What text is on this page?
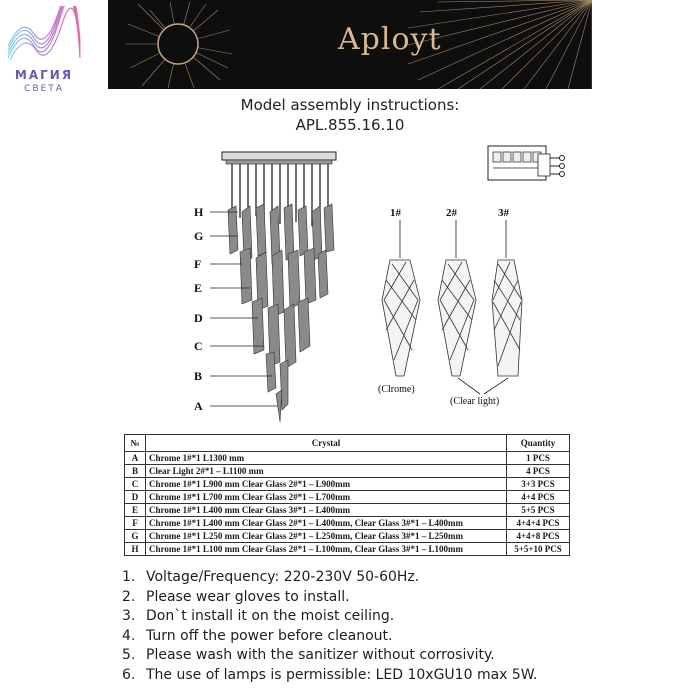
МАГИЯ
СВЕТА
Aployt
Model assembly instructions:
APL.855.16.10
H
G
F
E
D
C
B
A
1#	2#	3#
(Clrome)
(Clear light)
№	Crystal	Quantity
A	Chrome 1#*1 L1300 mm	1 PCS
B	Clear Light 2#*1 – L1100 mm	4 PCS
C	Chrome 1#*1 L900 mm Clear Glass 2#*1 – L900mm	3+3 PCS
D	Chrome 1#*1 L700 mm Clear Glass 2#*1 – L700mm	4+4 PCS
E	Chrome 1#*1 L400 mm Clear Glass 3#*1 – L400mm	5+5 PCS
F	Chrome 1#*1 L400 mm Clear Glass 2#*1 – L400mm, Clear Glass 3#*1 – L400mm	4+4+4 PCS
G	Chrome 1#*1 L250 mm Clear Glass 2#*1 – L250mm, Clear Glass 3#*1 – L250mm	4+4+8 PCS
H	Chrome 1#*1 L100 mm Clear Glass 2#*1 – L100mm, Clear Glass 3#*1 – L100mm	5+5+10 PCS
1. Voltage/Frequency: 220-230V 50-60Hz.
2. Please wear gloves to install.
3. Don`t install it on the moist ceiling.
4. Turn off the power before cleanout.
5. Please wash with the sanitizer without corrosivity.
6. The use of lamps is permissible: LED 10xGU10 max 5W.
